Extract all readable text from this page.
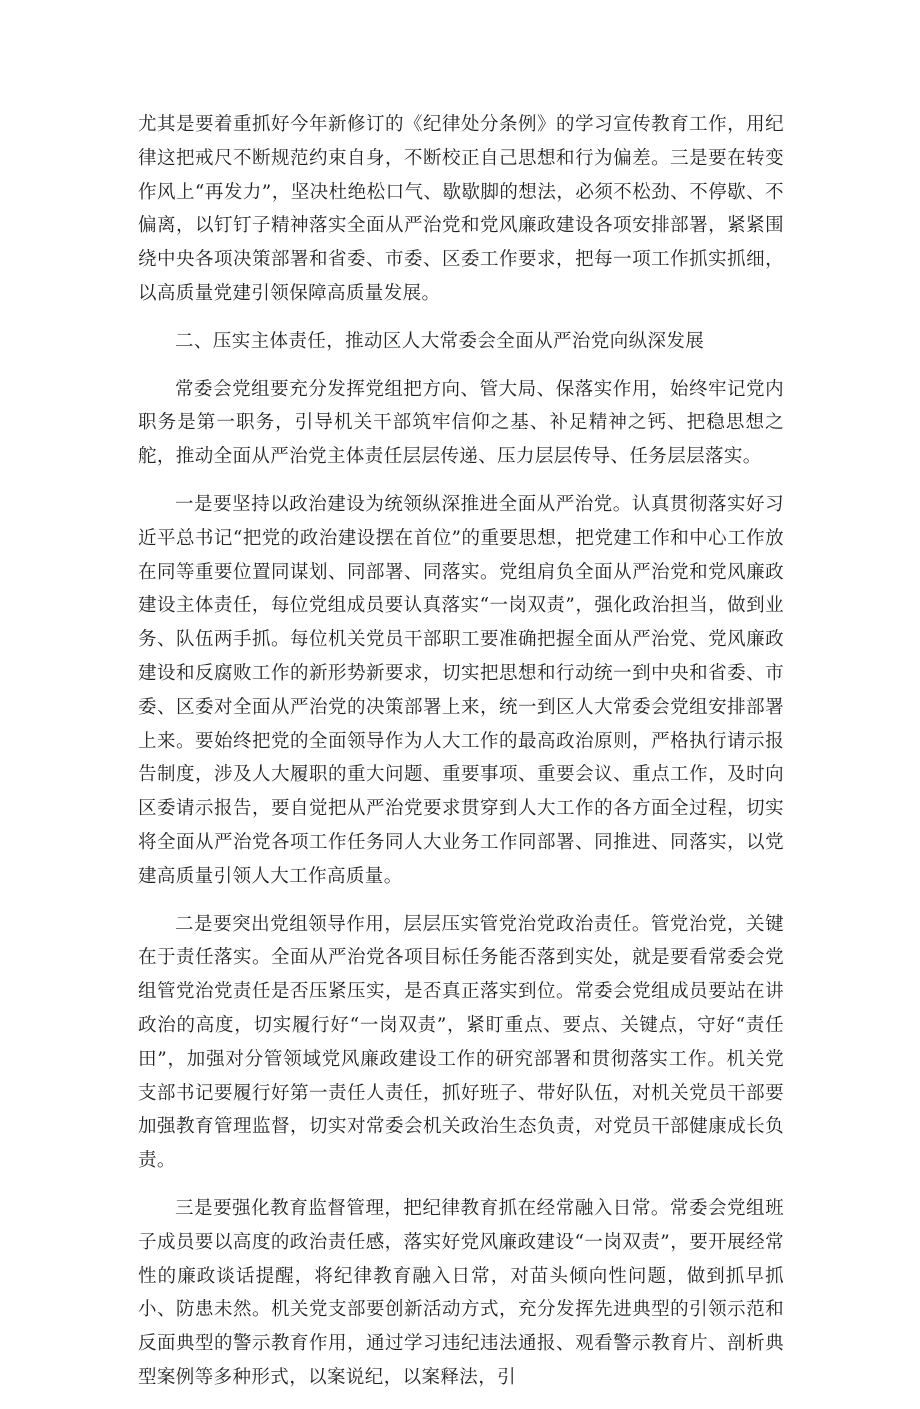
尤其是要着重抓好今年新修订的《纪律处分条例》的学习宣传教育工作，用纪律这把戒尺不断规范约束自身，不断校正自己思想和行为偏差。三是要在转变作风上“再发力”，坚决杜绝松口气、歇歇脚的想法，必须不松劲、不停歇、不偏离，以钉钉子精神落实全面从严治党和党风廉政建设各项安排部署，紧紧围绕中央各项决策部署和省委、市委、区委工作要求，把每一项工作抓实抓细，以高质量党建引领保障高质量发展。

二、压实主体责任，推动区人大常委会全面从严治党向纵深发展

常委会党组要充分发挥党组把方向、管大局、保落实作用，始终牢记党内职务是第一职务，引导机关干部筑牢信仰之基、补足精神之钙、把稳思想之舵，推动全面从严治党主体责任层层传递、压力层层传导、任务层层落实。

一是要坚持以政治建设为统领纵深推进全面从严治党。认真贯彻落实好习近平总书记“把党的政治建设摆在首位”的重要思想，把党建工作和中心工作放在同等重要位置同谋划、同部署、同落实。党组肩负全面从严治党和党风廉政建设主体责任，每位党组成员要认真落实“一岗双责”，强化政治担当，做到业务、队伍两手抓。每位机关党员干部职工要准确把握全面从严治党、党风廉政建设和反腐败工作的新形势新要求，切实把思想和行动统一到中央和省委、市委、区委对全面从严治党的决策部署上来，统一到区人大常委会党组安排部署上来。要始终把党的全面领导作为人大工作的最高政治原则，严格执行请示报告制度，涉及人大履职的重大问题、重要事项、重要会议、重点工作，及时向区委请示报告，要自觉把从严治党要求贯穿到人大工作的各方面全过程，切实将全面从严治党各项工作任务同人大业务工作同部署、同推进、同落实，以党建高质量引领人大工作高质量。

二是要突出党组领导作用，层层压实管党治党政治责任。管党治党，关键在于责任落实。全面从严治党各项目标任务能否落到实处，就是要看常委会党组管党治党责任是否压紧压实，是否真正落实到位。常委会党组成员要站在讲政治的高度，切实履行好“一岗双责”，紧盯重点、要点、关键点，守好“责任田”，加强对分管领域党风廉政建设工作的研究部署和贯彻落实工作。机关党支部书记要履行好第一责任人责任，抓好班子、带好队伍，对机关党员干部要加强教育管理监督，切实对常委会机关政治生态负责，对党员干部健康成长负责。

三是要强化教育监督管理，把纪律教育抓在经常融入日常。常委会党组班子成员要以高度的政治责任感，落实好党风廉政建设“一岗双责”，要开展经常性的廉政谈话提醒，将纪律教育融入日常，对苗头倾向性问题，做到抓早抓小、防患未然。机关党支部要创新活动方式，充分发挥先进典型的引领示范和反面典型的警示教育作用，通过学习违纪违法通报、观看警示教育片、剖析典型案例等多种形式，以案说纪，以案释法，引
